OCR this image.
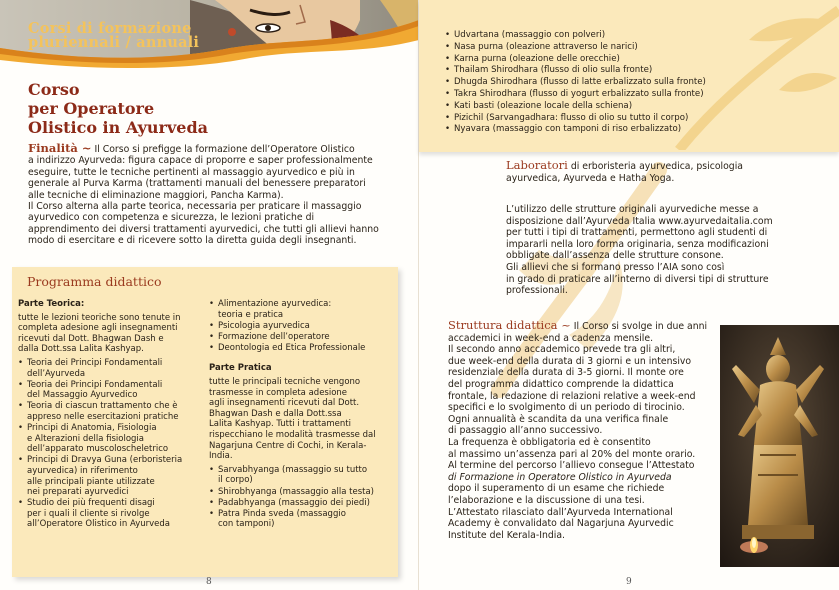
Corsi di formazione
pluriennali / annuali
Corso
per Operatore
Olistico in Ayurveda
Finalità ~ Il Corso si prefigge la formazione dell’Operatore Olistico
a indirizzo Ayurveda: figura capace di proporre e saper professionalmente
eseguire, tutte le tecniche pertinenti al massaggio ayurvedico e più in
generale al Purva Karma (trattamenti manuali del benessere preparatori
alle tecniche di eliminazione maggiori, Pancha Karma).
Il Corso alterna alla parte teorica, necessaria per praticare il massaggio
ayurvedico con competenza e sicurezza, le lezioni pratiche di
apprendimento dei diversi trattamenti ayurvedici, che tutti gli allievi hanno
modo di esercitare e di ricevere sotto la diretta guida degli insegnanti.
Programma didattico
Parte Teorica:
tutte le lezioni teoriche sono tenute in
completa adesione agli insegnamenti
ricevuti dal Dott. Bhagwan Dash e
dalla Dott.ssa Lalita Kashyap.
• Teoria dei Principi Fondamentali
dell’Ayurveda
• Teoria dei Principi Fondamentali
del Massaggio Ayurvedico
• Teoria di ciascun trattamento che è
appreso nelle esercitazioni pratiche
• Principi di Anatomia, Fisiologia
e Alterazioni della fisiologia
dell’apparato muscoloscheletrico
• Principi di Dravya Guna (erboristeria
ayurvedica) in riferimento
alle principali piante utilizzate
nei preparati ayurvedici
• Studio dei più frequenti disagi
per i quali il cliente si rivolge
all’Operatore Olistico in Ayurveda
• Alimentazione ayurvedica:
teoria e pratica
• Psicologia ayurvedica
• Formazione dell’operatore
• Deontologia ed Etica Professionale
Parte Pratica
tutte le principali tecniche vengono
trasmesse in completa adesione
agli insegnamenti ricevuti dal Dott.
Bhagwan Dash e dalla Dott.ssa
Lalita Kashyap. Tutti i trattamenti
rispecchiano le modalità trasmesse dal
Nagarjuna Centre di Cochi, in Kerala-
India.
• Sarvabhyanga (massaggio su tutto
il corpo)
• Shirobhyanga (massaggio alla testa)
• Padabhyanga (massaggio dei piedi)
• Patra Pinda sveda (massaggio
con tamponi)
8
• Udvartana (massaggio con polveri)
• Nasa purna (oleazione attraverso le narici)
• Karna purna (oleazione delle orecchie)
• Thailam Shirodhara (flusso di olio sulla fronte)
• Dhugda Shirodhara (flusso di latte erbalizzato sulla fronte)
• Takra Shirodhara (flusso di yogurt erbalizzato sulla fronte)
• Kati basti (oleazione locale della schiena)
• Pizichil (Sarvangadhara: flusso di olio su tutto il corpo)
• Nyavara (massaggio con tamponi di riso erbalizzato)
Laboratori di erboristeria ayurvedica, psicologia
ayurvedica, Ayurveda e Hatha Yoga.
L’utilizzo delle strutture originali ayurvediche messe a
disposizione dall’Ayurveda Italia www.ayurvedaitalia.com
per tutti i tipi di trattamenti, permettono agli studenti di
impararli nella loro forma originaria, senza modificazioni
obbligate dall’assenza delle strutture consone.
Gli allievi che si formano presso l’AIA sono così
in grado di praticare all’interno di diversi tipi di strutture
professionali.
Struttura didattica ~ Il Corso si svolge in due anni
accademici in week-end a cadenza mensile.
Il secondo anno accademico prevede tra gli altri,
due week-end della durata di 3 giorni e un intensivo
residenziale della durata di 3-5 giorni. Il monte ore
del programma didattico comprende la didattica
frontale, la redazione di relazioni relative a week-end
specifici e lo svolgimento di un periodo di tirocinio.
Ogni annualità è scandita da una verifica finale
di passaggio all’anno successivo.
La frequenza è obbligatoria ed è consentito
al massimo un’assenza pari al 20% del monte orario.
Al termine del percorso l’allievo consegue l’Attestato
di Formazione in Operatore Olistico in Ayurveda
dopo il superamento di un esame che richiede
l’elaborazione e la discussione di una tesi.
L’Attestato rilasciato dall’Ayurveda International
Academy è convalidato dal Nagarjuna Ayurvedic
Institute del Kerala-India.
9
